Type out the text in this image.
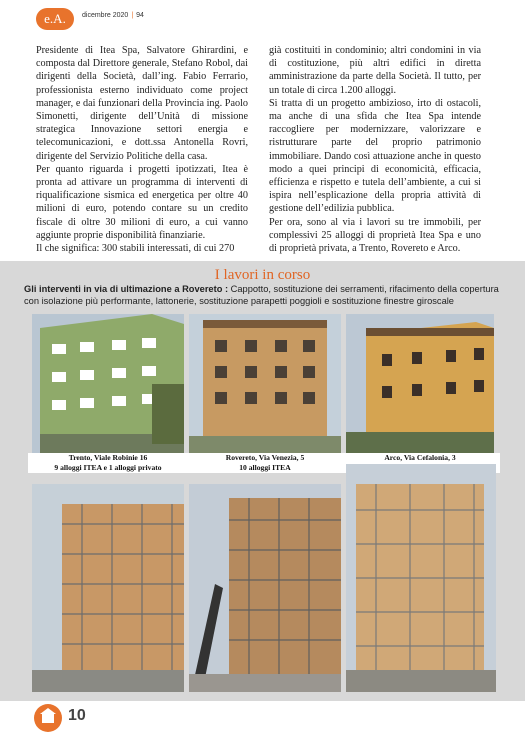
e.A.	dicembre 2020 | 94

Presidente di Itea Spa, Salvatore Ghirardini, e composta dal Direttore generale, Stefano Robol, dai dirigenti della Società, dall’ing. Fabio Ferrario, professionista esterno individuato come project manager, e dai funzionari della Provincia ing. Paolo Simonetti, dirigente dell’Unità di missione strategica Innovazione settori energia e telecomunicazioni, e dott.ssa Antonella Rovri, dirigente del Servizio Politiche della casa.

Per quanto riguarda i progetti ipotizzati, Itea è pronta ad attivare un programma di interventi di riqualificazione sismica ed energetica per oltre 40 milioni di euro, potendo contare su un credito fiscale di oltre 30 milioni di euro, a cui vanno aggiunte proprie disponibilità finanziarie.

Il che significa: 300 stabili interessati, di cui 270

già costituiti in condominio; altri condomini in via di costituzione, più altri edifici in diretta amministrazione da parte della Società. Il tutto, per un totale di circa 1.200 alloggi.

Si tratta di un progetto ambizioso, irto di ostacoli, ma anche di una sfida che Itea Spa intende raccogliere per modernizzare, valorizzare e ristrutturare parte del proprio patrimonio immobiliare. Dando così attuazione anche in questo modo a quei principi di economicità, efficacia, efficienza e rispetto e tutela dell’ambiente, a cui si ispira nell’esplicazione della propria attività di gestione dell’edilizia pubblica.

Per ora, sono al via i lavori su tre immobili, per complessivi 25 alloggi di proprietà Itea Spa e uno di proprietà privata, a Trento, Rovereto e Arco.

I lavori in corso
Gli interventi in via di ultimazione a Rovereto : Cappotto, sostituzione dei serramenti, rifacimento della copertura con isolazione più performante, lattonerie, sostituzione parapetti poggioli e sostituzione finestre giroscale
Trento, Viale Robinie 16
9 alloggi ITEA e 1 alloggi privato
Rovereto, Via Venezia, 5
10 alloggi ITEA
Arco, Via Cefalonia, 3
10
